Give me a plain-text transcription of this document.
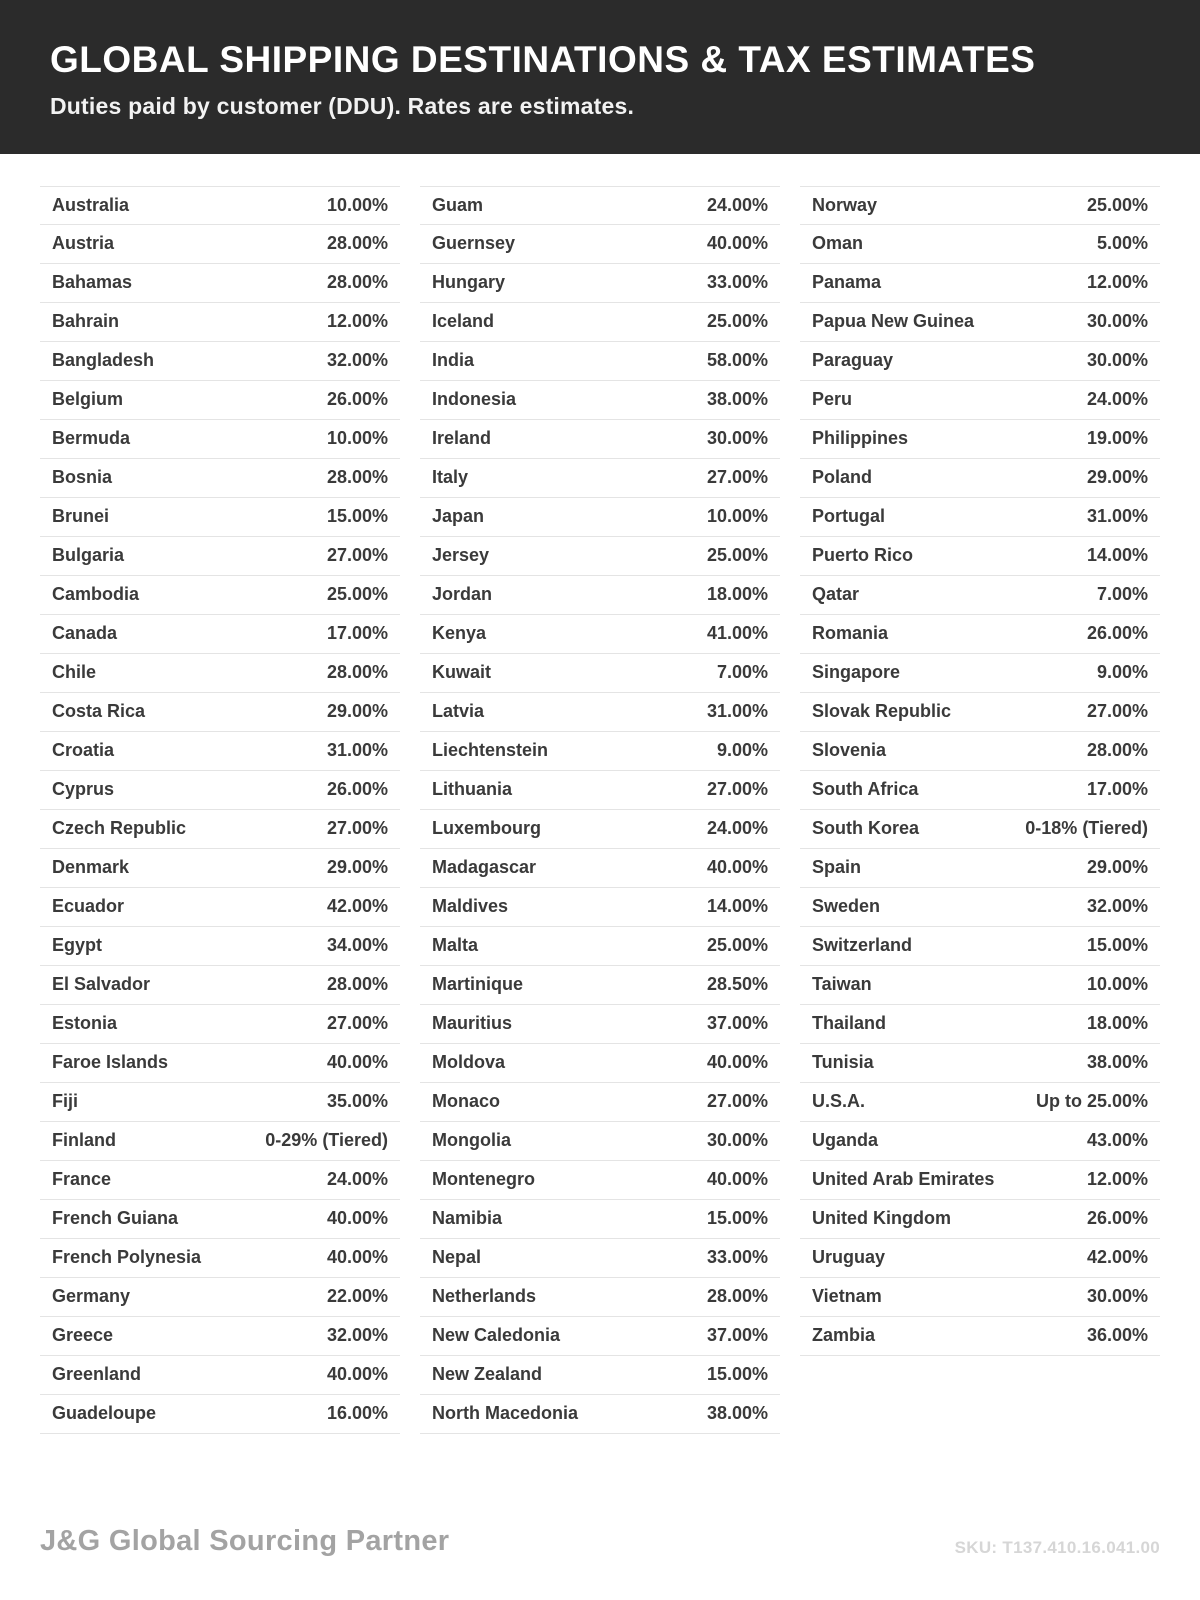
GLOBAL SHIPPING DESTINATIONS & TAX ESTIMATES

Duties paid by customer (DDU). Rates are estimates.

Australia	10.00%
Austria	28.00%
Bahamas	28.00%
Bahrain	12.00%
Bangladesh	32.00%
Belgium	26.00%
Bermuda	10.00%
Bosnia	28.00%
Brunei	15.00%
Bulgaria	27.00%
Cambodia	25.00%
Canada	17.00%
Chile	28.00%
Costa Rica	29.00%
Croatia	31.00%
Cyprus	26.00%
Czech Republic	27.00%
Denmark	29.00%
Ecuador	42.00%
Egypt	34.00%
El Salvador	28.00%
Estonia	27.00%
Faroe Islands	40.00%
Fiji	35.00%
Finland	0-29% (Tiered)
France	24.00%
French Guiana	40.00%
French Polynesia	40.00%
Germany	22.00%
Greece	32.00%
Greenland	40.00%
Guadeloupe	16.00%
Guam	24.00%
Guernsey	40.00%
Hungary	33.00%
Iceland	25.00%
India	58.00%
Indonesia	38.00%
Ireland	30.00%
Italy	27.00%
Japan	10.00%
Jersey	25.00%
Jordan	18.00%
Kenya	41.00%
Kuwait	7.00%
Latvia	31.00%
Liechtenstein	9.00%
Lithuania	27.00%
Luxembourg	24.00%
Madagascar	40.00%
Maldives	14.00%
Malta	25.00%
Martinique	28.50%
Mauritius	37.00%
Moldova	40.00%
Monaco	27.00%
Mongolia	30.00%
Montenegro	40.00%
Namibia	15.00%
Nepal	33.00%
Netherlands	28.00%
New Caledonia	37.00%
New Zealand	15.00%
North Macedonia	38.00%
Norway	25.00%
Oman	5.00%
Panama	12.00%
Papua New Guinea	30.00%
Paraguay	30.00%
Peru	24.00%
Philippines	19.00%
Poland	29.00%
Portugal	31.00%
Puerto Rico	14.00%
Qatar	7.00%
Romania	26.00%
Singapore	9.00%
Slovak Republic	27.00%
Slovenia	28.00%
South Africa	17.00%
South Korea	0-18% (Tiered)
Spain	29.00%
Sweden	32.00%
Switzerland	15.00%
Taiwan	10.00%
Thailand	18.00%
Tunisia	38.00%
U.S.A.	Up to 25.00%
Uganda	43.00%
United Arab Emirates	12.00%
United Kingdom	26.00%
Uruguay	42.00%
Vietnam	30.00%
Zambia	36.00%
J&G Global Sourcing Partner	SKU: T137.410.16.041.00
